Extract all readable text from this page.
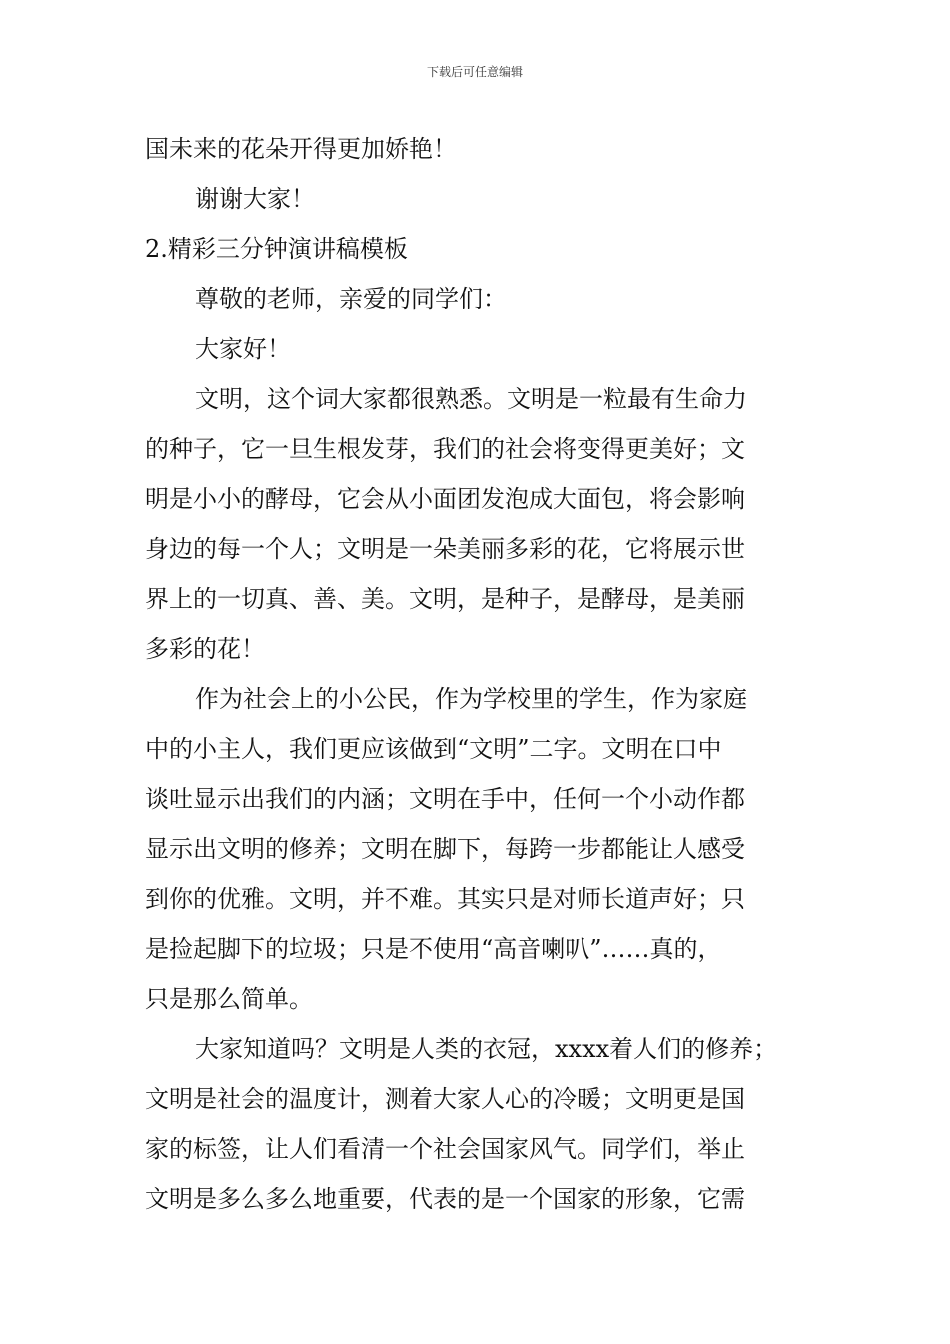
下载后可任意编辑
国未来的花朵开得更加娇艳！
谢谢大家！
2.精彩三分钟演讲稿模板
尊敬的老师，亲爱的同学们：
大家好！
文明，这个词大家都很熟悉。文明是一粒最有生命力
的种子，它一旦生根发芽，我们的社会将变得更美好；文
明是小小的酵母，它会从小面团发泡成大面包，将会影响
身边的每一个人；文明是一朵美丽多彩的花，它将展示世
界上的一切真、善、美。文明，是种子，是酵母，是美丽
多彩的花！
作为社会上的小公民，作为学校里的学生，作为家庭
中的小主人，我们更应该做到“文明”二字。文明在口中
谈吐显示出我们的内涵；文明在手中，任何一个小动作都
显示出文明的修养；文明在脚下，每跨一步都能让人感受
到你的优雅。文明，并不难。其实只是对师长道声好；只
是捡起脚下的垃圾；只是不使用“高音喇叭”……真的，
只是那么简单。
大家知道吗？文明是人类的衣冠，xxxx着人们的修养；
文明是社会的温度计，测着大家人心的冷暖；文明更是国
家的标签，让人们看清一个社会国家风气。同学们，举止
文明是多么多么地重要，代表的是一个国家的形象，它需
